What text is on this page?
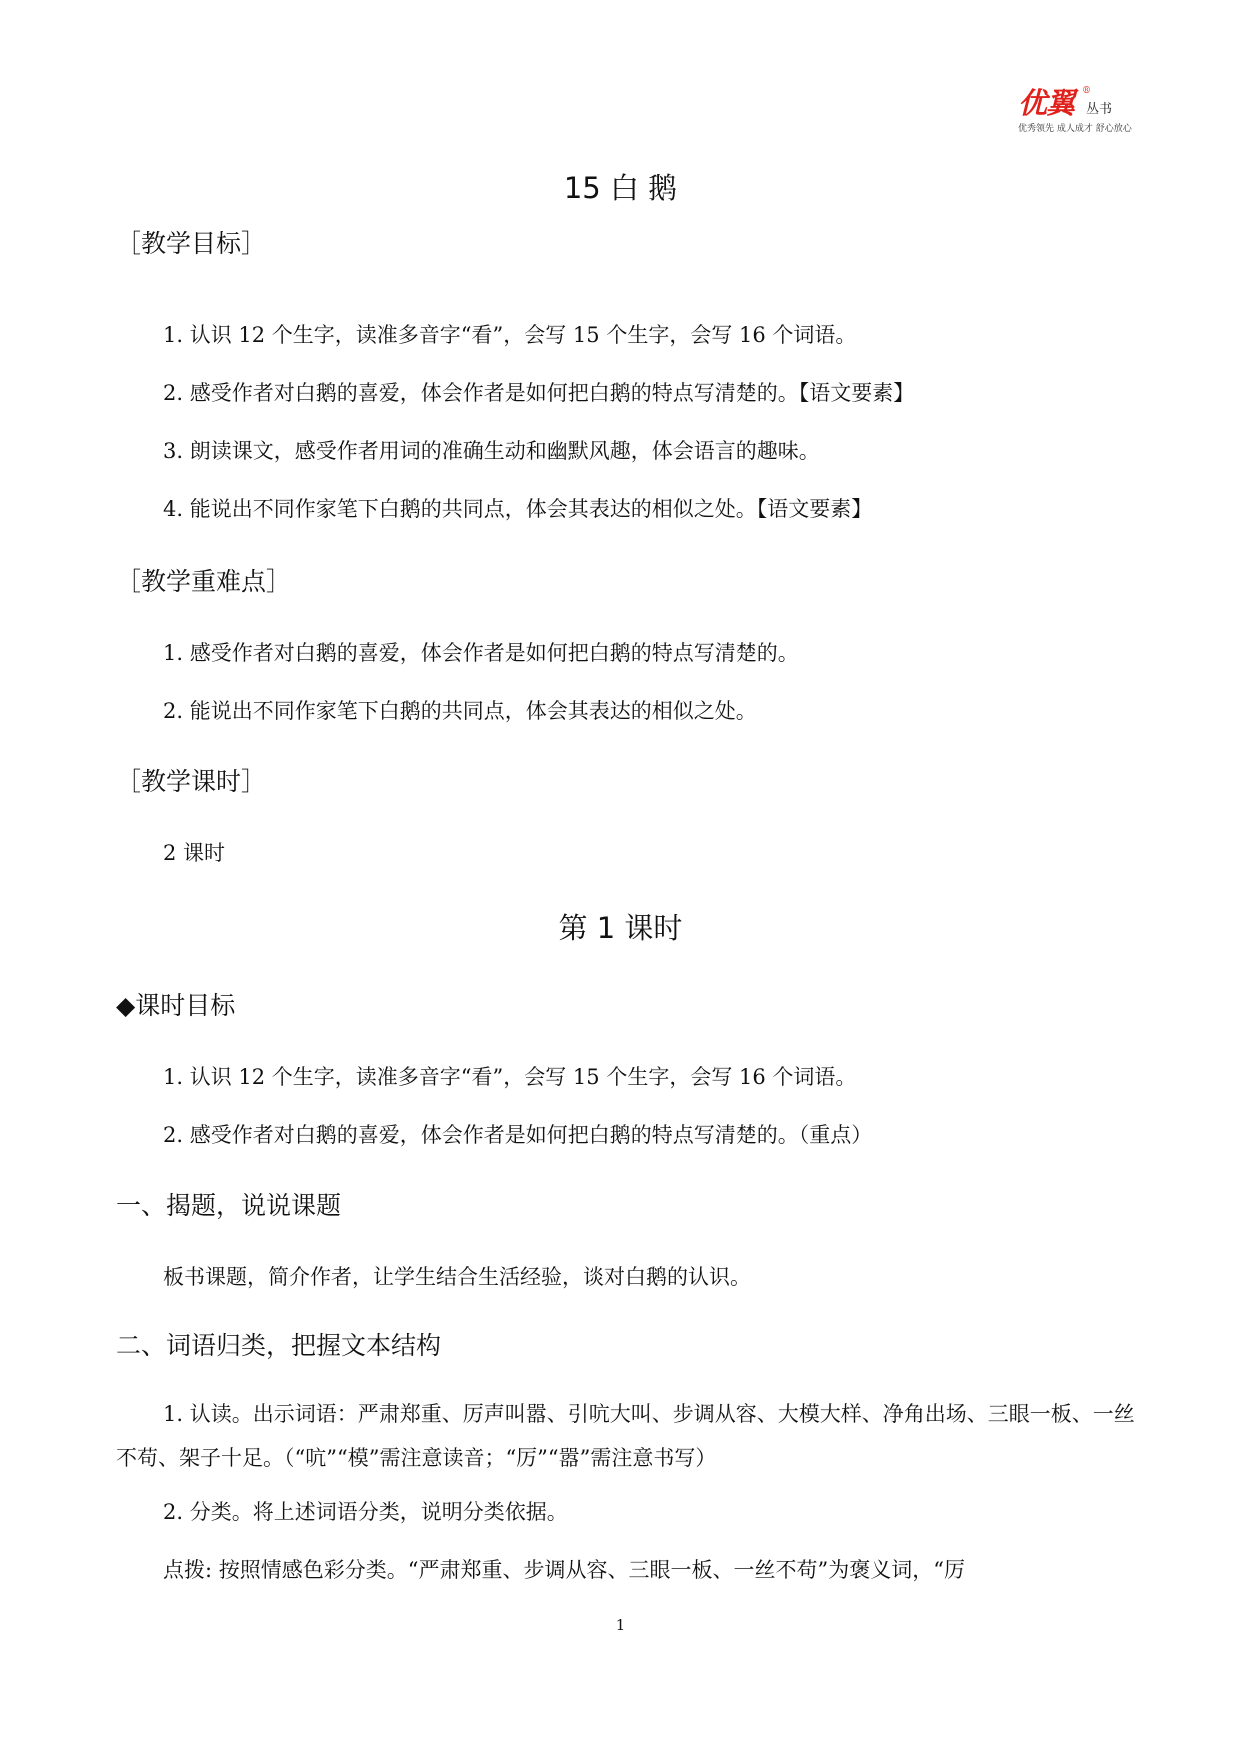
优翼 ®
丛书
优秀领先 成人成才 舒心放心
15 白 鹅
［教学目标］
1. 认识 12 个生字，读准多音字“看”，会写 15 个生字，会写 16 个词语。
2. 感受作者对白鹅的喜爱，体会作者是如何把白鹅的特点写清楚的。【语文要素】
3. 朗读课文，感受作者用词的准确生动和幽默风趣，体会语言的趣味。
4. 能说出不同作家笔下白鹅的共同点，体会其表达的相似之处。【语文要素】
［教学重难点］
1. 感受作者对白鹅的喜爱，体会作者是如何把白鹅的特点写清楚的。
2. 能说出不同作家笔下白鹅的共同点，体会其表达的相似之处。
［教学课时］
2 课时
第 1 课时
◆课时目标
1. 认识 12 个生字，读准多音字“看”，会写 15 个生字，会写 16 个词语。
2. 感受作者对白鹅的喜爱，体会作者是如何把白鹅的特点写清楚的。（重点）
一、揭题，说说课题
板书课题，简介作者，让学生结合生活经验，谈对白鹅的认识。
二、词语归类，把握文本结构
1. 认读。出示词语：严肃郑重、厉声叫嚣、引吭大叫、步调从容、大模大样、净角出场、三眼一板、一丝不苟、架子十足。（“吭”“模”需注意读音；“厉”“嚣”需注意书写）
2. 分类。将上述词语分类，说明分类依据。
点拨: 按照情感色彩分类。“严肃郑重、步调从容、三眼一板、一丝不苟”为褒义词，“厉
1
